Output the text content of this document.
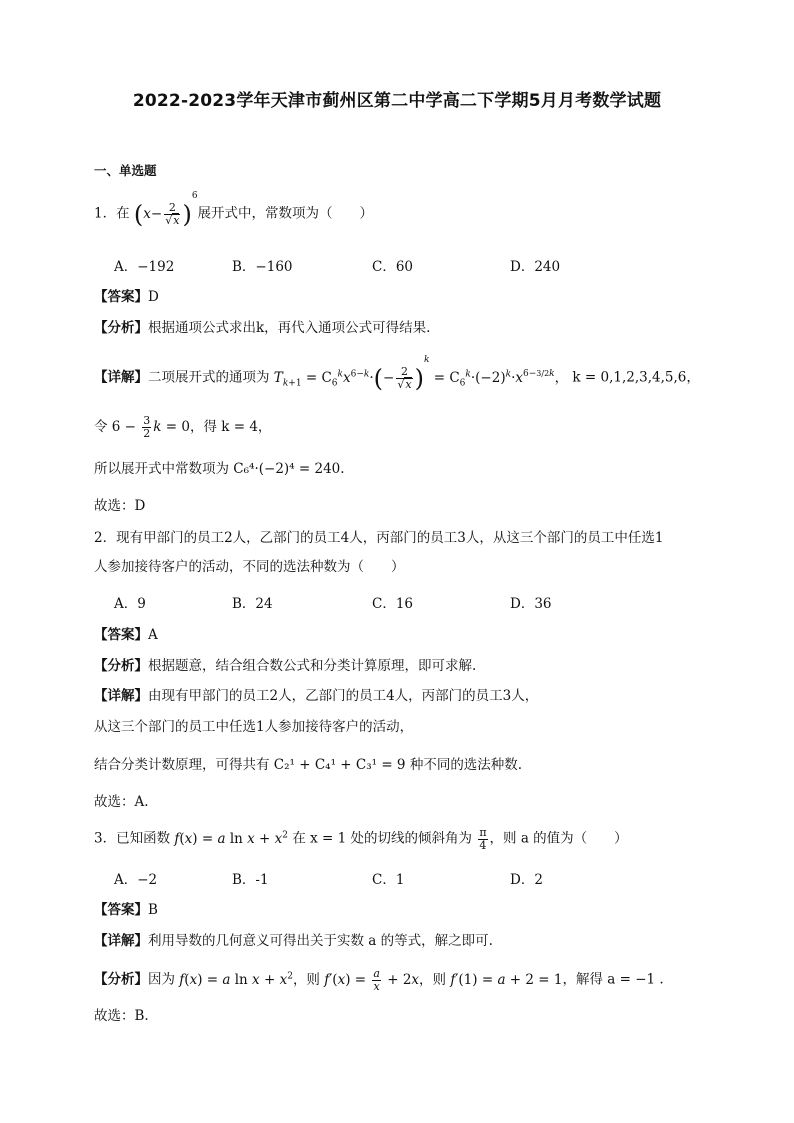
2022-2023学年天津市蓟州区第二中学高二下学期5月月考数学试题
一、单选题
1．在 $(x- \frac{2}{√x} )^6$展开式中，常数项为（　　）
A．−192	B．−160	C．60	D．240
【答案】D
【分析】根据通项公式求出k，再代入通项公式可得结果.
【详解】二项展开式的通项为 $T_{k+1} = C_6^kx^{6-k}\cdot(- \frac{2}{√x} )^k = C_6^k\cdot(-2)^k\cdot x^{6-3/2k}$， k = 0,1,2,3,4,5,6，
令 $6 - \frac{3}{2}$ k = 0，得 k = 4，
所以展开式中常数项为 C₆⁴·(−2)⁴ = 240.
故选：D
2．现有甲部门的员工2人，乙部门的员工4人，丙部门的员工3人，从这三个部门的员工中任选1
人参加接待客户的活动，不同的选法种数为（　　）
A．9	B．24	C．16	D．36
【答案】A
【分析】根据题意，结合组合数公式和分类计算原理，即可求解.
【详解】由现有甲部门的员工2人，乙部门的员工4人，丙部门的员工3人，
从这三个部门的员工中任选1人参加接待客户的活动，
结合分类计数原理，可得共有 C₂¹ + C₄¹ + C₃¹ = 9 种不同的选法种数.
故选：A.
3．已知函数 f(x) = a $\ln x + x^2$ 在 x = 1 处的切线的倾斜角为 $\frac{\pi}{4}$ ，则 a 的值为（　　）
A．−2	B．-1	C．1	D．2
【答案】B
【详解】利用导数的几何意义可得出关于实数 a 的等式，解之即可.
【分析】因为 f(x) = a $\ln x + x^2$，则 $f'(x) = \frac{a}{x} + 2x$，则 f′(1) = a + 2 = 1，解得 a = −1 .
故选：B.
